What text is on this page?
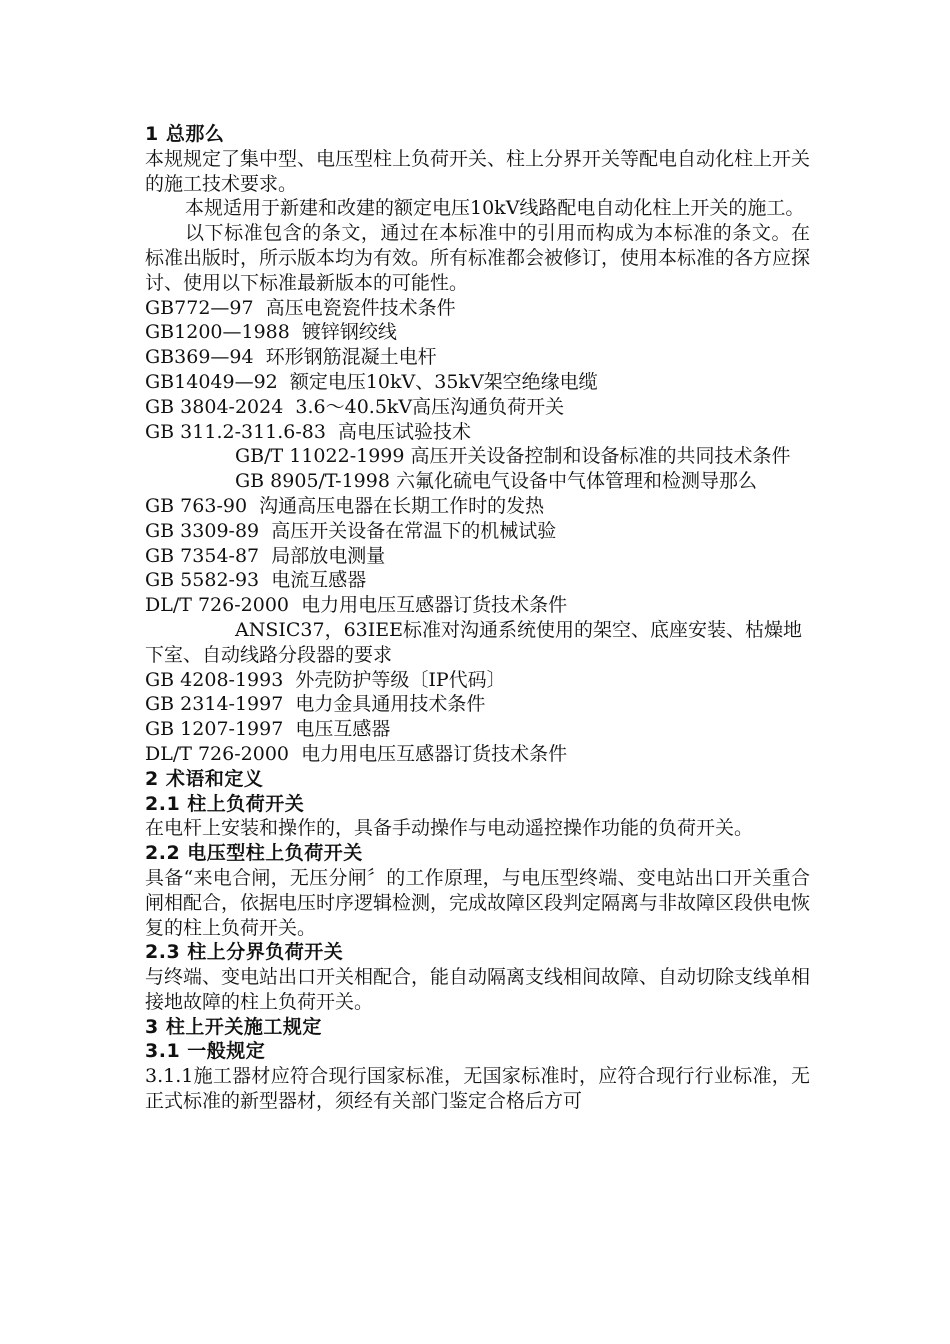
1 总那么

本规规定了集中型、电压型柱上负荷开关、柱上分界开关等配电自动化柱上开关的施工技术要求。

本规适用于新建和改建的额定电压10kV线路配电自动化柱上开关的施工。

以下标准包含的条文，通过在本标准中的引用而构成为本标准的条文。在标准出版时，所示版本均为有效。所有标准都会被修订，使用本标准的各方应探讨、使用以下标准最新版本的可能性。

GB772—97  高压电瓷瓷件技术条件

GB1200—1988  镀锌钢绞线

GB369—94  环形钢筋混凝土电杆

GB14049—92  额定电压10kV、35kV架空绝缘电缆

GB 3804-2024  3.6～40.5kV高压沟通负荷开关

GB 311.2-311.6-83  高电压试验技术

GB/T 11022-1999 高压开关设备控制和设备标准的共同技术条件

GB 8905/T-1998 六氟化硫电气设备中气体管理和检测导那么

GB 763-90  沟通高压电器在长期工作时的发热

GB 3309-89  高压开关设备在常温下的机械试验

GB 7354-87  局部放电测量

GB 5582-93  电流互感器

DL/T 726-2000  电力用电压互感器订货技术条件

ANSIC37，63IEE标准对沟通系统使用的架空、底座安装、枯燥地下室、自动线路分段器的要求

GB 4208-1993  外壳防护等级〔IP代码〕

GB 2314-1997  电力金具通用技术条件

GB 1207-1997  电压互感器

DL/T 726-2000  电力用电压互感器订货技术条件

2 术语和定义

2.1 柱上负荷开关

在电杆上安装和操作的，具备手动操作与电动遥控操作功能的负荷开关。

2.2 电压型柱上负荷开关

具备“来电合闸，无压分闸〞的工作原理，与电压型终端、变电站出口开关重合闸相配合，依据电压时序逻辑检测，完成故障区段判定隔离与非故障区段供电恢复的柱上负荷开关。

2.3 柱上分界负荷开关

与终端、变电站出口开关相配合，能自动隔离支线相间故障、自动切除支线单相接地故障的柱上负荷开关。

3 柱上开关施工规定

3.1 一般规定

3.1.1施工器材应符合现行国家标准，无国家标准时，应符合现行行业标准，无正式标准的新型器材，须经有关部门鉴定合格后方可
